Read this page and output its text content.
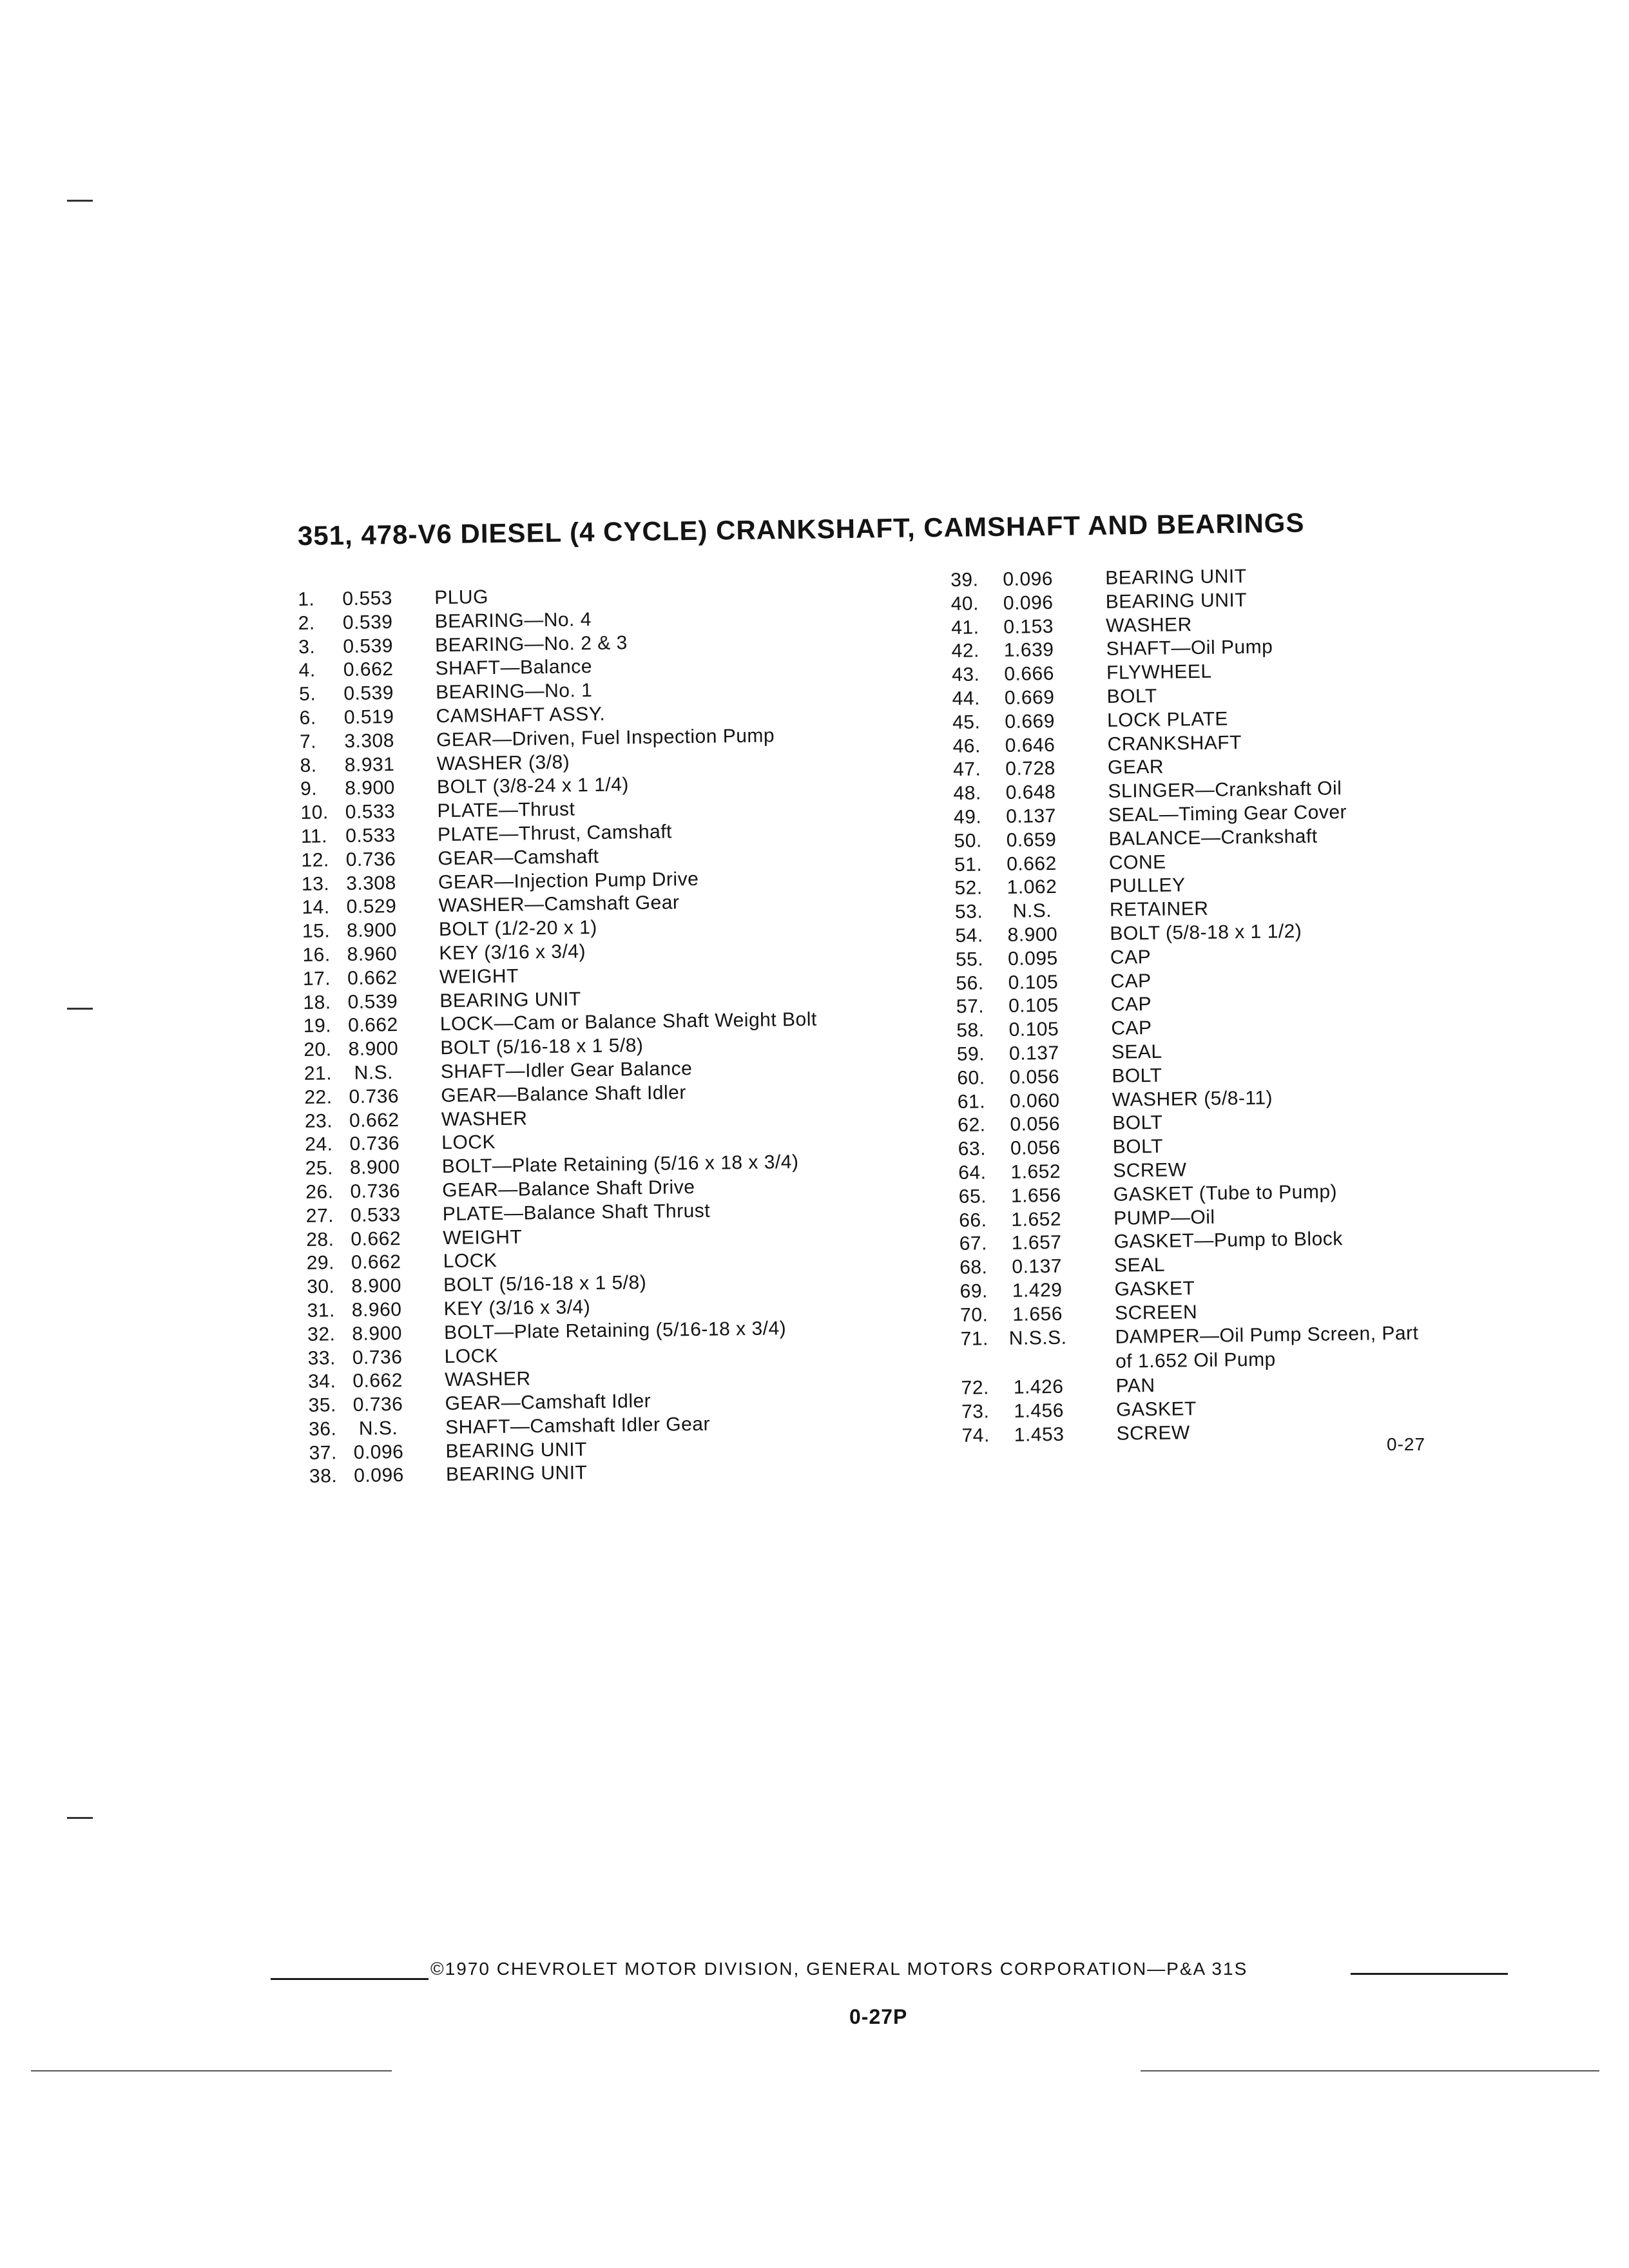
351, 478-V6 DIESEL (4 CYCLE) CRANKSHAFT, CAMSHAFT AND BEARINGS
1.	0.553	PLUG
2.	0.539	BEARING—No. 4
3.	0.539	BEARING—No. 2 & 3
4.	0.662	SHAFT—Balance
5.	0.539	BEARING—No. 1
6.	0.519	CAMSHAFT ASSY.
7.	3.308	GEAR—Driven, Fuel Inspection Pump
8.	8.931	WASHER (3/8)
9.	8.900	BOLT (3/8-24 x 1 1/4)
10. 0.533	PLATE—Thrust
11. 0.533	PLATE—Thrust, Camshaft
12. 0.736	GEAR—Camshaft
13. 3.308	GEAR—Injection Pump Drive
14. 0.529	WASHER—Camshaft Gear
15. 8.900	BOLT (1/2-20 x 1)
16. 8.960	KEY (3/16 x 3/4)
17. 0.662	WEIGHT
18. 0.539	BEARING UNIT
19. 0.662	LOCK—Cam or Balance Shaft Weight Bolt
20. 8.900	BOLT (5/16-18 x 1 5/8)
21.	N.S.	SHAFT—Idler Gear Balance
22. 0.736	GEAR—Balance Shaft Idler
23. 0.662	WASHER
24. 0.736	LOCK
25. 8.900	BOLT—Plate Retaining (5/16 x 18 x 3/4)
26. 0.736	GEAR—Balance Shaft Drive
27. 0.533	PLATE—Balance Shaft Thrust
28. 0.662	WEIGHT
29. 0.662	LOCK
30. 8.900	BOLT (5/16-18 x 1 5/8)
31. 8.960	KEY (3/16 x 3/4)
32. 8.900	BOLT—Plate Retaining (5/16-18 x 3/4)
33. 0.736	LOCK
34. 0.662	WASHER
35. 0.736	GEAR—Camshaft Idler
36.	N.S.	SHAFT—Camshaft Idler Gear
37. 0.096	BEARING UNIT
38. 0.096	BEARING UNIT
39.	0.096	BEARING UNIT
40.	0.096	BEARING UNIT
41.	0.153	WASHER
42.	1.639	SHAFT—Oil Pump
43.	0.666	FLYWHEEL
44.	0.669	BOLT
45.	0.669	LOCK PLATE
46.	0.646	CRANKSHAFT
47.	0.728	GEAR
48.	0.648	SLINGER—Crankshaft Oil
49.	0.137	SEAL—Timing Gear Cover
50.	0.659	BALANCE—Crankshaft
51.	0.662	CONE
52.	1.062	PULLEY
53.	N.S.	RETAINER
54.	8.900	BOLT (5/8-18 x 1 1/2)
55.	0.095	CAP
56.	0.105	CAP
57.	0.105	CAP
58.	0.105	CAP
59.	0.137	SEAL
60.	0.056	BOLT
61.	0.060	WASHER (5/8-11)
62.	0.056	BOLT
63.	0.056	BOLT
64.	1.652	SCREW
65.	1.656	GASKET (Tube to Pump)
66.	1.652	PUMP—Oil
67.	1.657	GASKET—Pump to Block
68.	0.137	SEAL
69.	1.429	GASKET
70.	1.656	SCREEN
71.	N.S.S.	DAMPER—Oil Pump Screen, Part
of 1.652 Oil Pump
72.	1.426	PAN
73.	1.456	GASKET
74.	1.453	SCREW	0-27
©1970 CHEVROLET MOTOR DIVISION, GENERAL MOTORS CORPORATION—P&A 31S
0-27P
